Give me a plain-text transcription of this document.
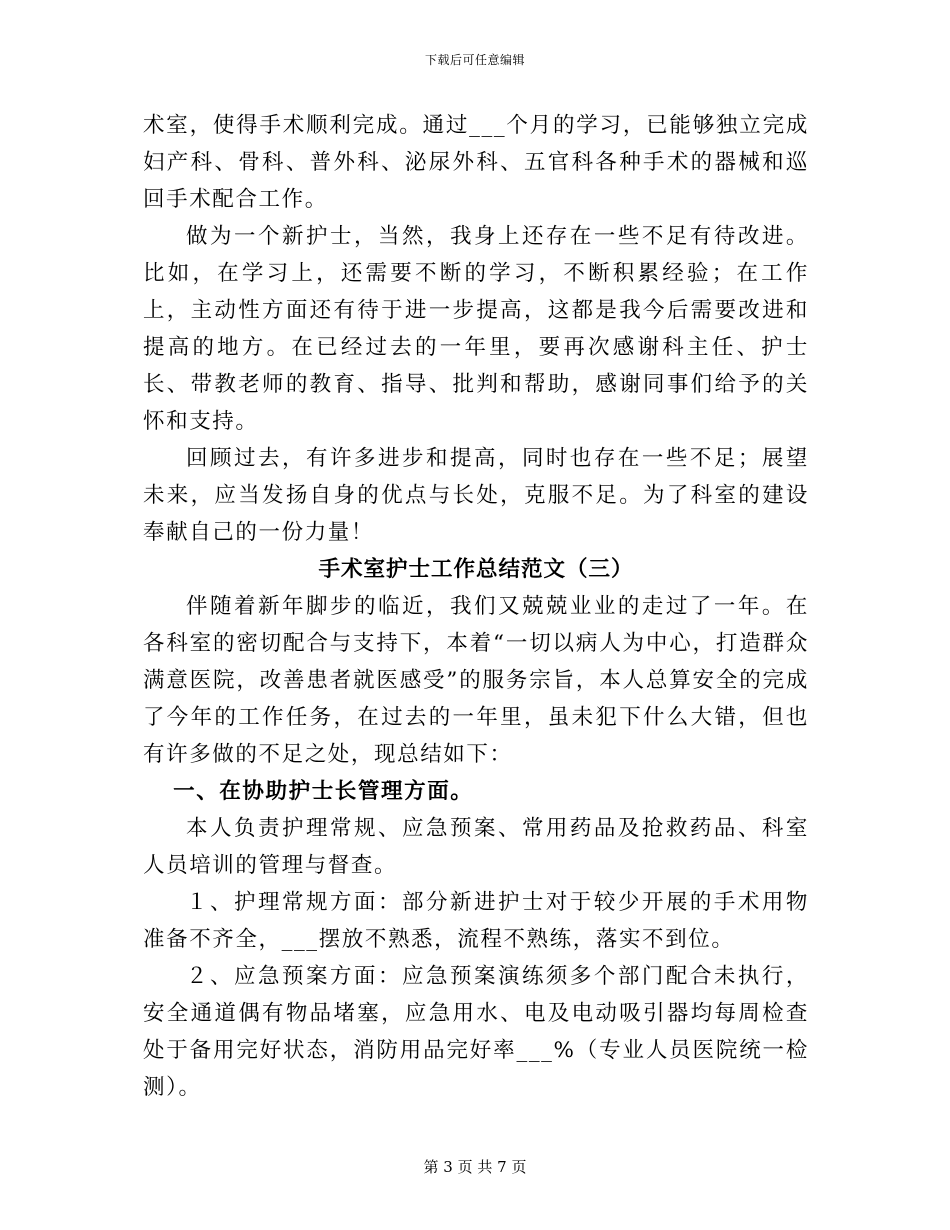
下载后可任意编辑

术室，使得手术顺利完成。通过___个月的学习，已能够独立完成妇产科、骨科、普外科、泌尿外科、五官科各种手术的器械和巡回手术配合工作。

做为一个新护士，当然，我身上还存在一些不足有待改进。比如，在学习上，还需要不断的学习，不断积累经验；在工作上，主动性方面还有待于进一步提高，这都是我今后需要改进和提高的地方。在已经过去的一年里，要再次感谢科主任、护士长、带教老师的教育、指导、批判和帮助，感谢同事们给予的关怀和支持。

回顾过去，有许多进步和提高，同时也存在一些不足；展望未来，应当发扬自身的优点与长处，克服不足。为了科室的建设奉献自己的一份力量！

手术室护士工作总结范文（三）

伴随着新年脚步的临近，我们又兢兢业业的走过了一年。在各科室的密切配合与支持下，本着“一切以病人为中心，打造群众满意医院，改善患者就医感受”的服务宗旨，本人总算安全的完成了今年的工作任务，在过去的一年里，虽未犯下什么大错，但也有许多做的不足之处，现总结如下：

一、在协助护士长管理方面。

本人负责护理常规、应急预案、常用药品及抢救药品、科室人员培训的管理与督查。

１、护理常规方面：部分新进护士对于较少开展的手术用物准备不齐全，___摆放不熟悉，流程不熟练，落实不到位。

２、应急预案方面：应急预案演练须多个部门配合未执行，安全通道偶有物品堵塞，应急用水、电及电动吸引器均每周检查处于备用完好状态，消防用品完好率___%（专业人员医院统一检测）。

第 3 页 共 7 页
